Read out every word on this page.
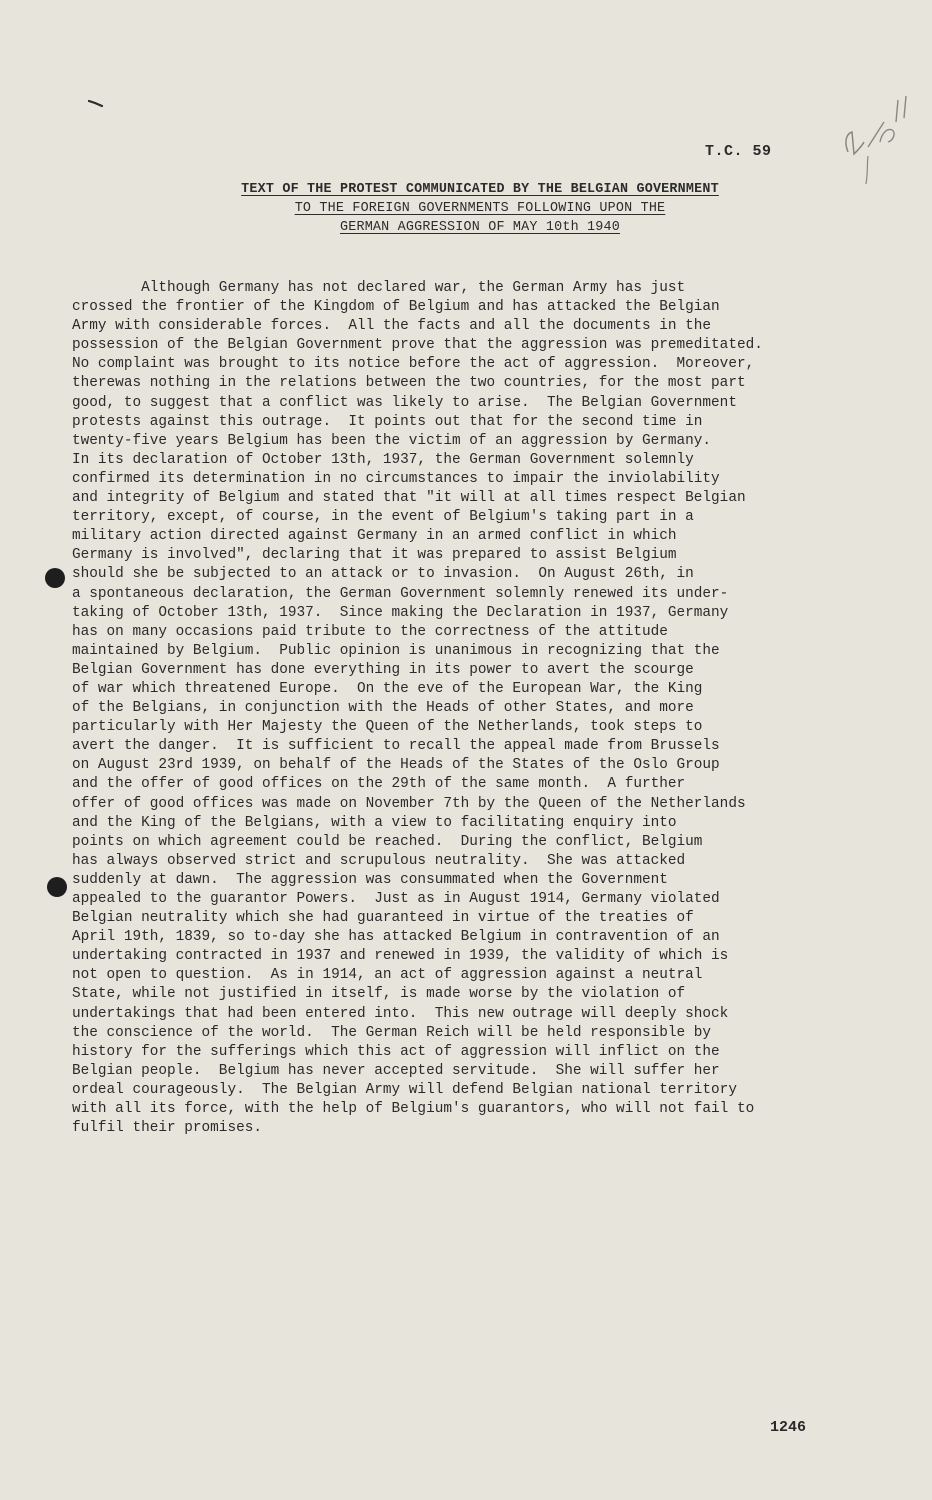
T.C. 59
TEXT OF THE PROTEST COMMUNICATED BY THE BELGIAN GOVERNMENT
TO THE FOREIGN GOVERNMENTS FOLLOWING UPON THE
GERMAN AGGRESSION OF MAY 10th 1940
Although Germany has not declared war, the German Army has just
crossed the frontier of the Kingdom of Belgium and has attacked the Belgian
Army with considerable forces.  All the facts and all the documents in the
possession of the Belgian Government prove that the aggression was premeditated.
No complaint was brought to its notice before the act of aggression.  Moreover,
therewas nothing in the relations between the two countries, for the most part
good, to suggest that a conflict was likely to arise.  The Belgian Government
protests against this outrage.  It points out that for the second time in
twenty-five years Belgium has been the victim of an aggression by Germany.
In its declaration of October 13th, 1937, the German Government solemnly
confirmed its determination in no circumstances to impair the inviolability
and integrity of Belgium and stated that "it will at all times respect Belgian
territory, except, of course, in the event of Belgium's taking part in a
military action directed against Germany in an armed conflict in which
Germany is involved", declaring that it was prepared to assist Belgium
should she be subjected to an attack or to invasion.  On August 26th, in
a spontaneous declaration, the German Government solemnly renewed its under-
taking of October 13th, 1937.  Since making the Declaration in 1937, Germany
has on many occasions paid tribute to the correctness of the attitude
maintained by Belgium.  Public opinion is unanimous in recognizing that the
Belgian Government has done everything in its power to avert the scourge
of war which threatened Europe.  On the eve of the European War, the King
of the Belgians, in conjunction with the Heads of other States, and more
particularly with Her Majesty the Queen of the Netherlands, took steps to
avert the danger.  It is sufficient to recall the appeal made from Brussels
on August 23rd 1939, on behalf of the Heads of the States of the Oslo Group
and the offer of good offices on the 29th of the same month.  A further
offer of good offices was made on November 7th by the Queen of the Netherlands
and the King of the Belgians, with a view to facilitating enquiry into
points on which agreement could be reached.  During the conflict, Belgium
has always observed strict and scrupulous neutrality.  She was attacked
suddenly at dawn.  The aggression was consummated when the Government
appealed to the guarantor Powers.  Just as in August 1914, Germany violated
Belgian neutrality which she had guaranteed in virtue of the treaties of
April 19th, 1839, so to-day she has attacked Belgium in contravention of an
undertaking contracted in 1937 and renewed in 1939, the validity of which is
not open to question.  As in 1914, an act of aggression against a neutral
State, while not justified in itself, is made worse by the violation of
undertakings that had been entered into.  This new outrage will deeply shock
the conscience of the world.  The German Reich will be held responsible by
history for the sufferings which this act of aggression will inflict on the
Belgian people.  Belgium has never accepted servitude.  She will suffer her
ordeal courageously.  The Belgian Army will defend Belgian national territory
with all its force, with the help of Belgium's guarantors, who will not fail to
fulfil their promises.
1246
